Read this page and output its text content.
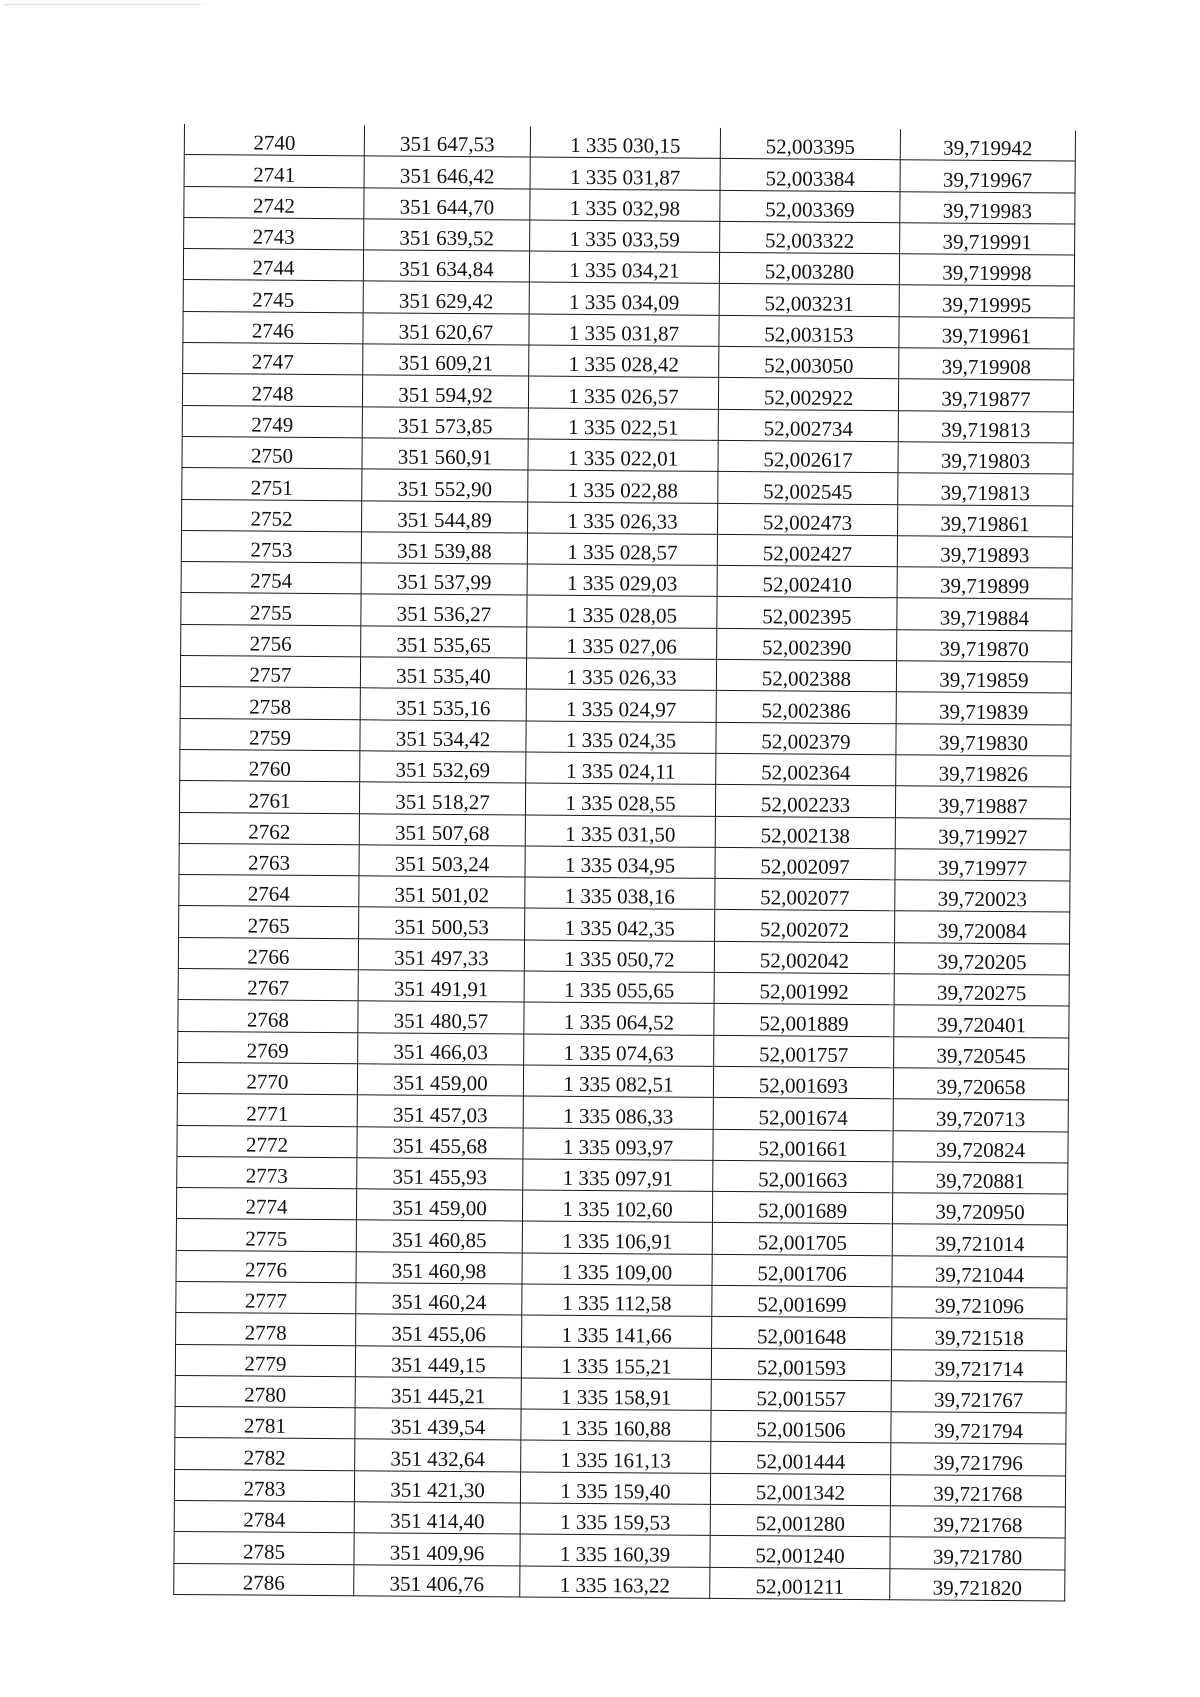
2740	351 647,53	1 335 030,15	52,003395	39,719942
2741	351 646,42	1 335 031,87	52,003384	39,719967
2742	351 644,70	1 335 032,98	52,003369	39,719983
2743	351 639,52	1 335 033,59	52,003322	39,719991
2744	351 634,84	1 335 034,21	52,003280	39,719998
2745	351 629,42	1 335 034,09	52,003231	39,719995
2746	351 620,67	1 335 031,87	52,003153	39,719961
2747	351 609,21	1 335 028,42	52,003050	39,719908
2748	351 594,92	1 335 026,57	52,002922	39,719877
2749	351 573,85	1 335 022,51	52,002734	39,719813
2750	351 560,91	1 335 022,01	52,002617	39,719803
2751	351 552,90	1 335 022,88	52,002545	39,719813
2752	351 544,89	1 335 026,33	52,002473	39,719861
2753	351 539,88	1 335 028,57	52,002427	39,719893
2754	351 537,99	1 335 029,03	52,002410	39,719899
2755	351 536,27	1 335 028,05	52,002395	39,719884
2756	351 535,65	1 335 027,06	52,002390	39,719870
2757	351 535,40	1 335 026,33	52,002388	39,719859
2758	351 535,16	1 335 024,97	52,002386	39,719839
2759	351 534,42	1 335 024,35	52,002379	39,719830
2760	351 532,69	1 335 024,11	52,002364	39,719826
2761	351 518,27	1 335 028,55	52,002233	39,719887
2762	351 507,68	1 335 031,50	52,002138	39,719927
2763	351 503,24	1 335 034,95	52,002097	39,719977
2764	351 501,02	1 335 038,16	52,002077	39,720023
2765	351 500,53	1 335 042,35	52,002072	39,720084
2766	351 497,33	1 335 050,72	52,002042	39,720205
2767	351 491,91	1 335 055,65	52,001992	39,720275
2768	351 480,57	1 335 064,52	52,001889	39,720401
2769	351 466,03	1 335 074,63	52,001757	39,720545
2770	351 459,00	1 335 082,51	52,001693	39,720658
2771	351 457,03	1 335 086,33	52,001674	39,720713
2772	351 455,68	1 335 093,97	52,001661	39,720824
2773	351 455,93	1 335 097,91	52,001663	39,720881
2774	351 459,00	1 335 102,60	52,001689	39,720950
2775	351 460,85	1 335 106,91	52,001705	39,721014
2776	351 460,98	1 335 109,00	52,001706	39,721044
2777	351 460,24	1 335 112,58	52,001699	39,721096
2778	351 455,06	1 335 141,66	52,001648	39,721518
2779	351 449,15	1 335 155,21	52,001593	39,721714
2780	351 445,21	1 335 158,91	52,001557	39,721767
2781	351 439,54	1 335 160,88	52,001506	39,721794
2782	351 432,64	1 335 161,13	52,001444	39,721796
2783	351 421,30	1 335 159,40	52,001342	39,721768
2784	351 414,40	1 335 159,53	52,001280	39,721768
2785	351 409,96	1 335 160,39	52,001240	39,721780
2786	351 406,76	1 335 163,22	52,001211	39,721820
